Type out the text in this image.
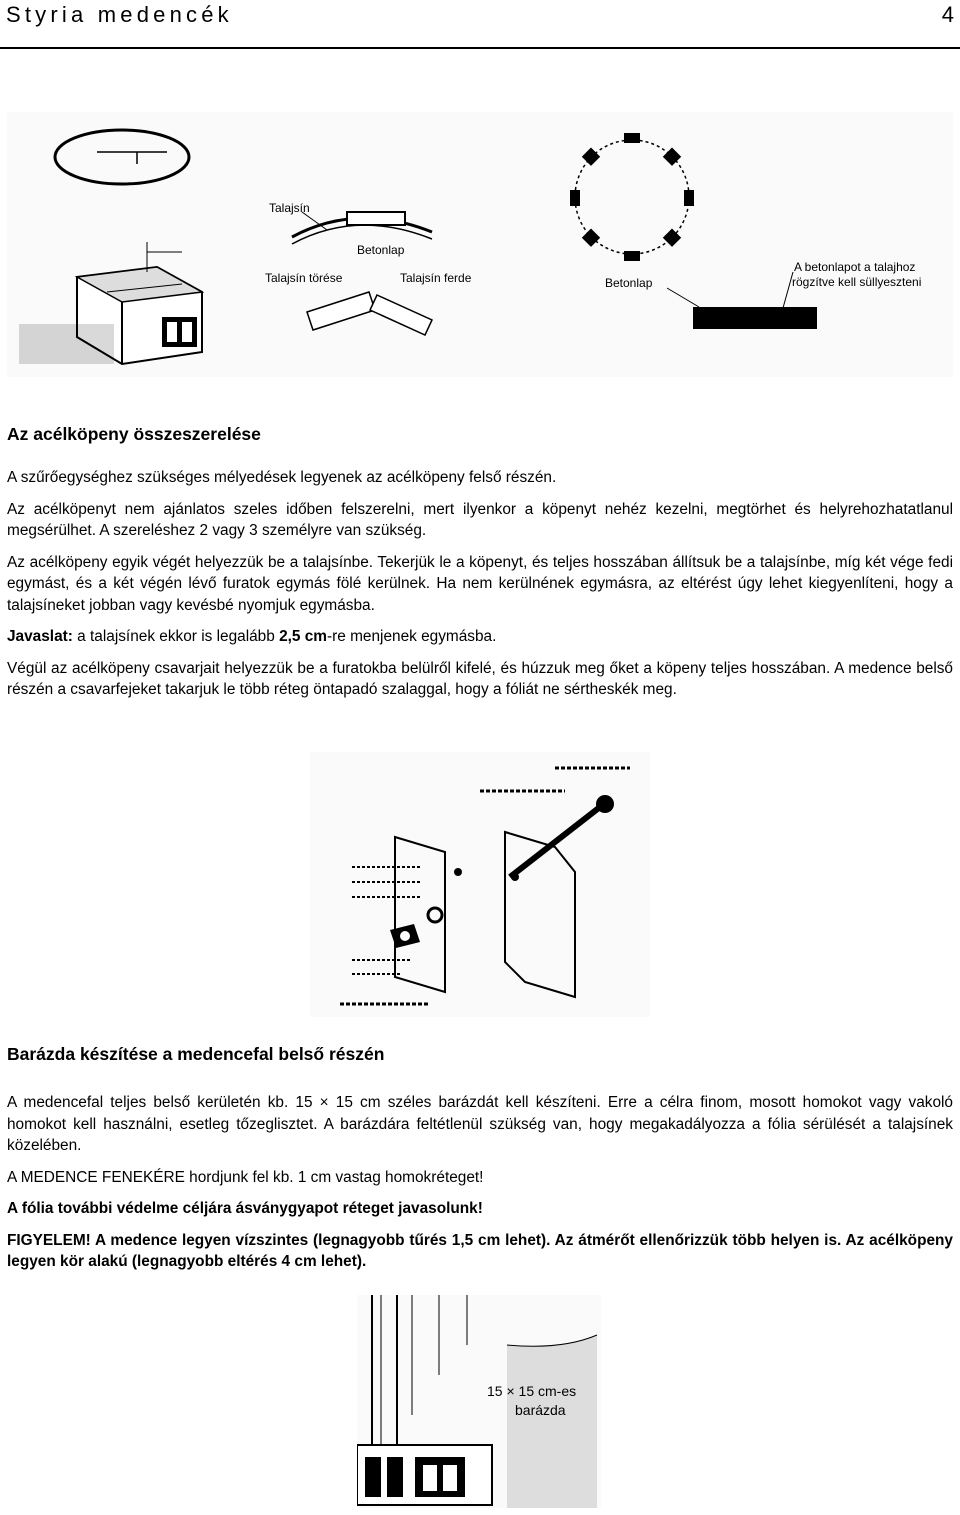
Styria medencék	4
Talajsín
Betonlap
Talajsín törése	Talajsín ferde	Betonlap
A betonlapot a talajhoz
rögzítve kell süllyeszteni
Az acélköpeny összeszerelése

A szűrőegységhez szükséges mélyedések legyenek az acélköpeny felső részén.

Az acélköpenyt nem ajánlatos szeles időben felszerelni, mert ilyenkor a köpenyt nehéz kezelni, megtörhet és helyrehozhatatlanul megsérülhet. A szereléshez 2 vagy 3 személyre van szükség.

Az acélköpeny egyik végét helyezzük be a talajsínbe. Tekerjük le a köpenyt, és teljes hosszában állítsuk be a talajsínbe, míg két vége fedi egymást, és a két végén lévő furatok egymás fölé kerülnek. Ha nem kerülnének egymásra, az eltérést úgy lehet kiegyenlíteni, hogy a talajsíneket jobban vagy kevésbé nyomjuk egymásba.

Javaslat: a talajsínek ekkor is legalább 2,5 cm-re menjenek egymásba.

Végül az acélköpeny csavarjait helyezzük be a furatokba belülről kifelé, és húzzuk meg őket a köpeny teljes hosszában. A medence belső részén a csavarfejeket takarjuk le több réteg öntapadó szalaggal, hogy a fóliát ne sértheskék meg.

Barázda készítése a medencefal belső részén

A medencefal teljes belső kerületén kb. 15 × 15 cm széles barázdát kell készíteni. Erre a célra finom, mosott homokot vagy vakoló homokot kell használni, esetleg tőzeglisztet. A barázdára feltétlenül szükség van, hogy megakadályozza a fólia sérülését a talajsínek közelében.

A MEDENCE FENEKÉRE hordjunk fel kb. 1 cm vastag homokréteget!

A fólia további védelme céljára ásványgyapot réteget javasolunk!

FIGYELEM! A medence legyen vízszintes (legnagyobb tűrés 1,5 cm lehet). Az átmérőt ellenőrizzük több helyen is. Az acélköpeny legyen kör alakú (legnagyobb eltérés 4 cm lehet).

15 × 15 cm-es
barázda
